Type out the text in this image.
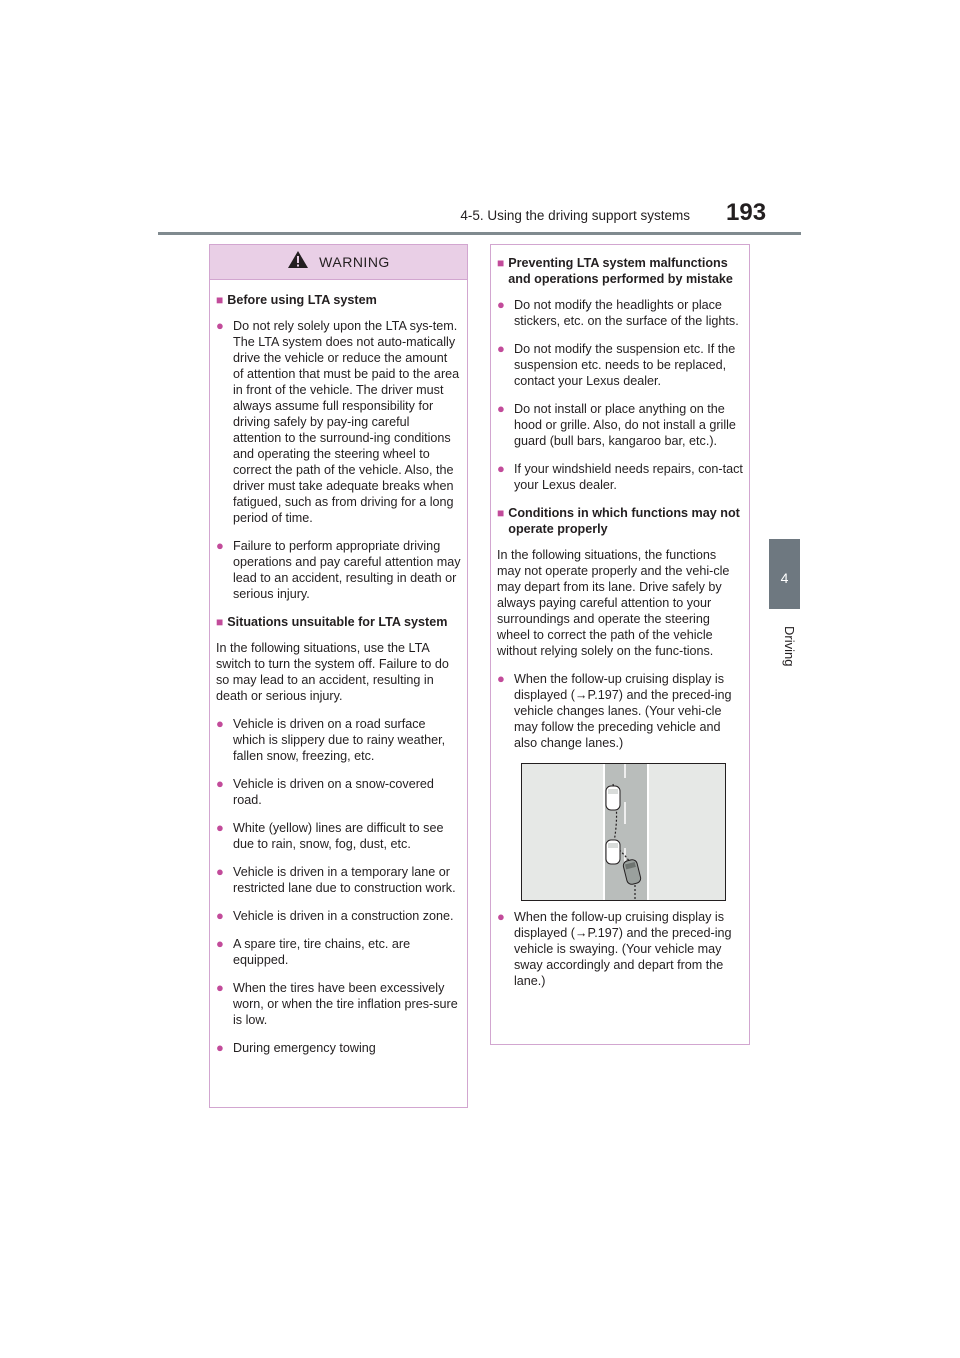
4-5. Using the driving support systems 193
4
Driving
WARNING
■ Before using LTA system
● Do not rely solely upon the LTA sys-tem. The LTA system does not auto-matically drive the vehicle or reduce the amount of attention that must be paid to the area in front of the vehicle. The driver must always assume full responsibility for driving safely by pay-ing careful attention to the surround-ing conditions and operating the steering wheel to correct the path of the vehicle. Also, the driver must take adequate breaks when fatigued, such as from driving for a long period of time.
● Failure to perform appropriate driving operations and pay careful attention may lead to an accident, resulting in death or serious injury.
■ Situations unsuitable for LTA system
In the following situations, use the LTA switch to turn the system off. Failure to do so may lead to an accident, resulting in death or serious injury.
● Vehicle is driven on a road surface which is slippery due to rainy weather, fallen snow, freezing, etc.
● Vehicle is driven on a snow-covered road.
● White (yellow) lines are difficult to see due to rain, snow, fog, dust, etc.
● Vehicle is driven in a temporary lane or restricted lane due to construction work.
● Vehicle is driven in a construction zone.
● A spare tire, tire chains, etc. are equipped.
● When the tires have been excessively worn, or when the tire inflation pres-sure is low.
● During emergency towing
■ Preventing LTA system malfunctions and operations performed by mistake
● Do not modify the headlights or place stickers, etc. on the surface of the lights.
● Do not modify the suspension etc. If the suspension etc. needs to be replaced, contact your Lexus dealer.
● Do not install or place anything on the hood or grille. Also, do not install a grille guard (bull bars, kangaroo bar, etc.).
● If your windshield needs repairs, con-tact your Lexus dealer.
■ Conditions in which functions may not operate properly
In the following situations, the functions may not operate properly and the vehi-cle may depart from its lane. Drive safely by always paying careful attention to your surroundings and operate the steering wheel to correct the path of the vehicle without relying solely on the func-tions.
● When the follow-up cruising display is displayed (→P.197) and the preced-ing vehicle changes lanes. (Your vehi-cle may follow the preceding vehicle and also change lanes.)
● When the follow-up cruising display is displayed (→P.197) and the preced-ing vehicle is swaying. (Your vehicle may sway accordingly and depart from the lane.)
